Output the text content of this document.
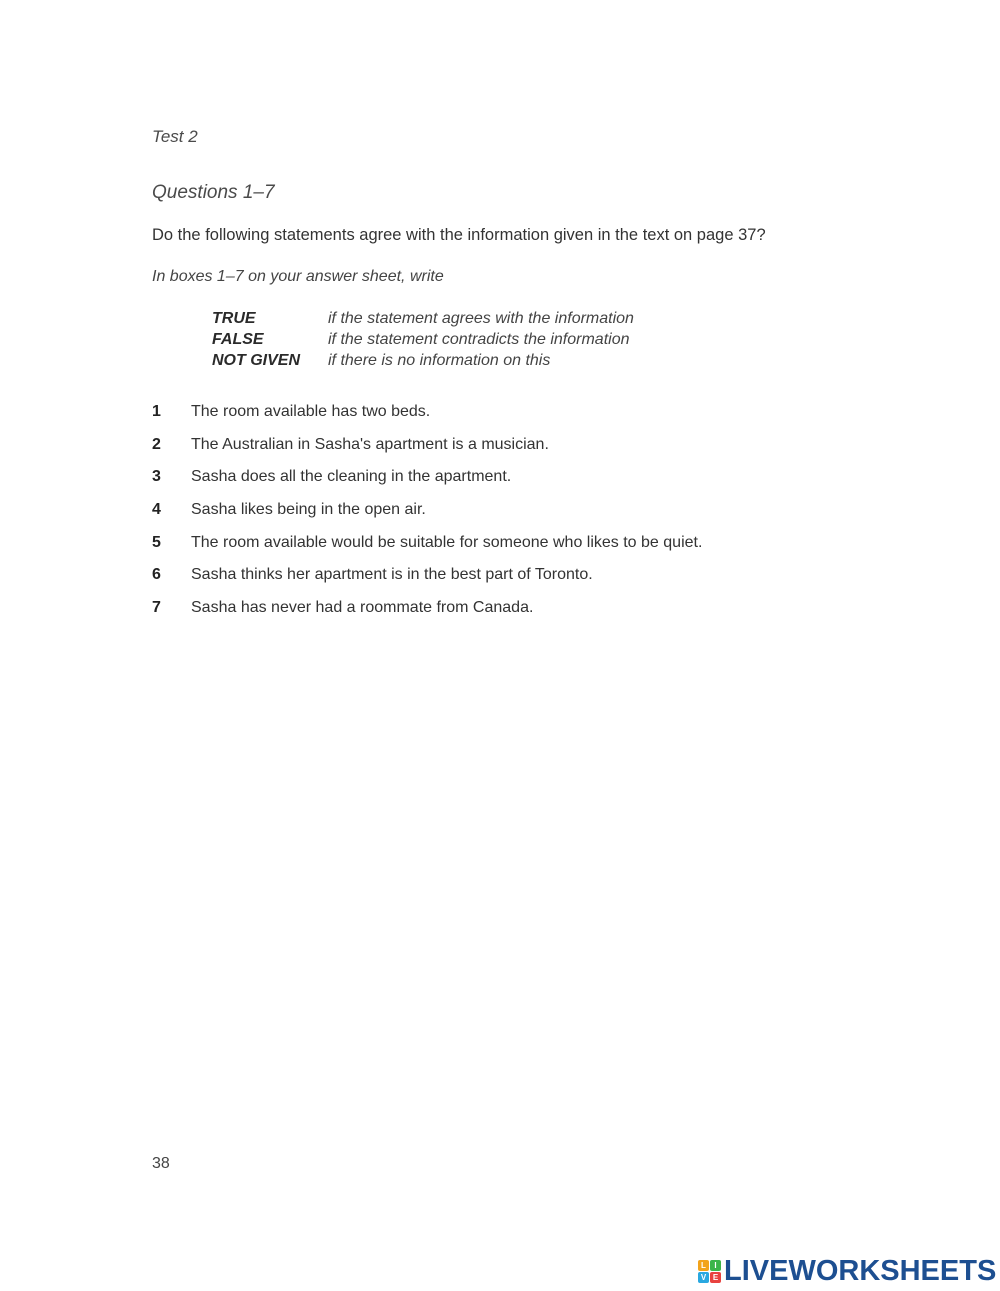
Test 2
Questions 1–7
Do the following statements agree with the information given in the text on page 37?
In boxes 1–7 on your answer sheet, write
TRUE	if the statement agrees with the information
FALSE	if the statement contradicts the information
NOT GIVEN	if there is no information on this
1	The room available has two beds.
2	The Australian in Sasha's apartment is a musician.
3	Sasha does all the cleaning in the apartment.
4	Sasha likes being in the open air.
5	The room available would be suitable for someone who likes to be quiet.
6	Sasha thinks her apartment is in the best part of Toronto.
7	Sasha has never had a roommate from Canada.
38
L	I
V E LIVEWORKSHEETS
